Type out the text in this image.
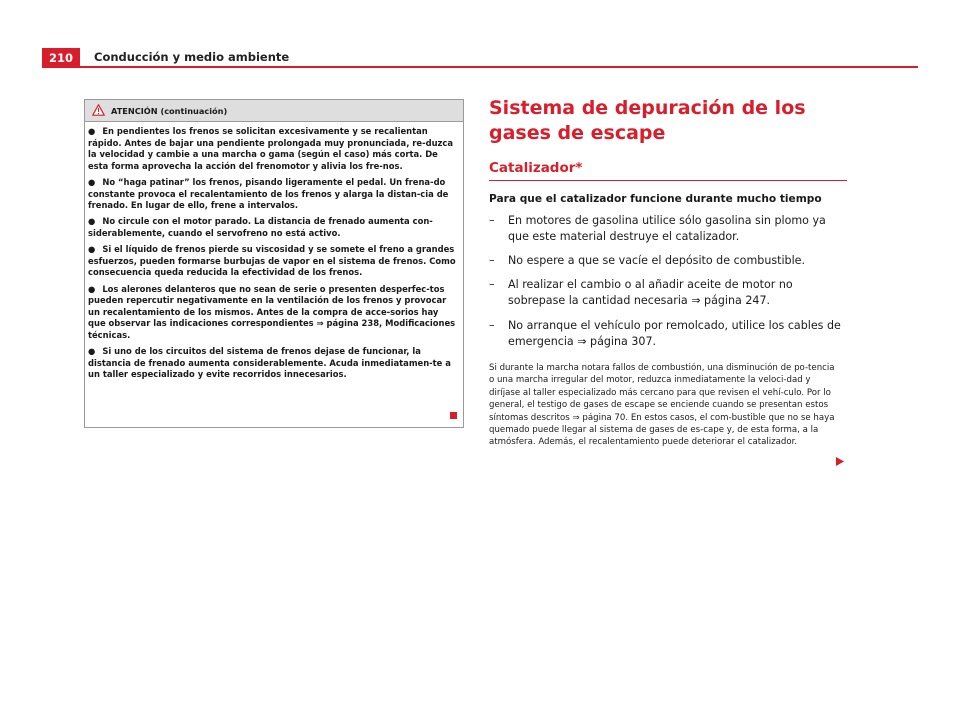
210	Conducción y medio ambiente
ATENCIÓN (continuación)

● En pendientes los frenos se solicitan excesivamente y se recalientan rápido. Antes de bajar una pendiente prolongada muy pronunciada, re-duzca la velocidad y cambie a una marcha o gama (según el caso) más corta. De esta forma aprovecha la acción del frenomotor y alivia los fre-nos.

● No “haga patinar” los frenos, pisando ligeramente el pedal. Un frena-do constante provoca el recalentamiento de los frenos y alarga la distan-cia de frenado. En lugar de ello, frene a intervalos.

● No circule con el motor parado. La distancia de frenado aumenta con-siderablemente, cuando el servofreno no está activo.

● Si el líquido de frenos pierde su viscosidad y se somete el freno a grandes esfuerzos, pueden formarse burbujas de vapor en el sistema de frenos. Como consecuencia queda reducida la efectividad de los frenos.

● Los alerones delanteros que no sean de serie o presenten desperfec-tos pueden repercutir negativamente en la ventilación de los frenos y provocar un recalentamiento de los mismos. Antes de la compra de acce-sorios hay que observar las indicaciones correspondientes ⇒ página 238, Modificaciones técnicas.

● Si uno de los circuitos del sistema de frenos dejase de funcionar, la distancia de frenado aumenta considerablemente. Acuda inmediatamen-te a un taller especializado y evite recorridos innecesarios.

Sistema de depuración de los gases de escape
Catalizador*

Para que el catalizador funcione durante mucho tiempo

– En motores de gasolina utilice sólo gasolina sin plomo ya que este material destruye el catalizador.
– No espere a que se vacíe el depósito de combustible.
– Al realizar el cambio o al añadir aceite de motor no sobrepase la cantidad necesaria ⇒ página 247.
– No arranque el vehículo por remolcado, utilice los cables de emergencia ⇒ página 307.

Si durante la marcha notara fallos de combustión, una disminución de po-tencia o una marcha irregular del motor, reduzca inmediatamente la veloci-dad y diríjase al taller especializado más cercano para que revisen el vehí-culo. Por lo general, el testigo de gases de escape se enciende cuando se presentan estos síntomas descritos ⇒ página 70. En estos casos, el com-bustible que no se haya quemado puede llegar al sistema de gases de es-cape y, de esta forma, a la atmósfera. Además, el recalentamiento puede deteriorar el catalizador.
